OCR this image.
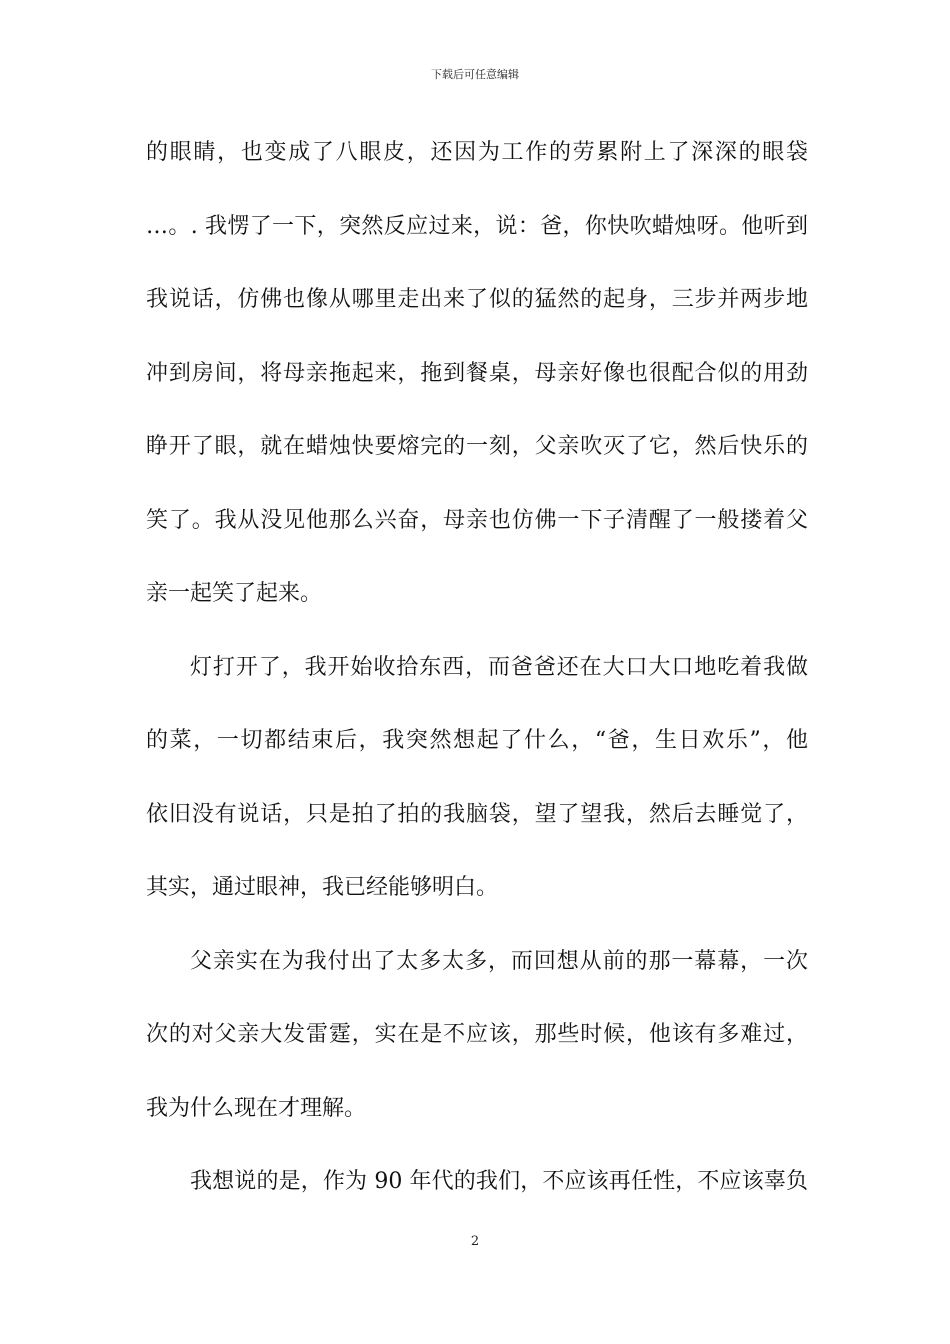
下载后可任意编辑
的眼睛，也变成了八眼皮，还因为工作的劳累附上了深深的眼袋
…。. 我愣了一下，突然反应过来，说：爸，你快吹蜡烛呀。他听到
我说话，仿佛也像从哪里走出来了似的猛然的起身，三步并两步地
冲到房间，将母亲拖起来，拖到餐桌，母亲好像也很配合似的用劲
睁开了眼，就在蜡烛快要熔完的一刻，父亲吹灭了它，然后快乐的
笑了。我从没见他那么兴奋，母亲也仿佛一下子清醒了一般搂着父
亲一起笑了起来。
灯打开了，我开始收拾东西，而爸爸还在大口大口地吃着我做
的菜，一切都结束后，我突然想起了什么，“爸，生日欢乐”，他
依旧没有说话，只是拍了拍的我脑袋，望了望我，然后去睡觉了，
其实，通过眼神，我已经能够明白。
父亲实在为我付出了太多太多，而回想从前的那一幕幕，一次
次的对父亲大发雷霆，实在是不应该，那些时候，他该有多难过，
我为什么现在才理解。
我想说的是，作为 90 年代的我们，不应该再任性，不应该辜负
2
